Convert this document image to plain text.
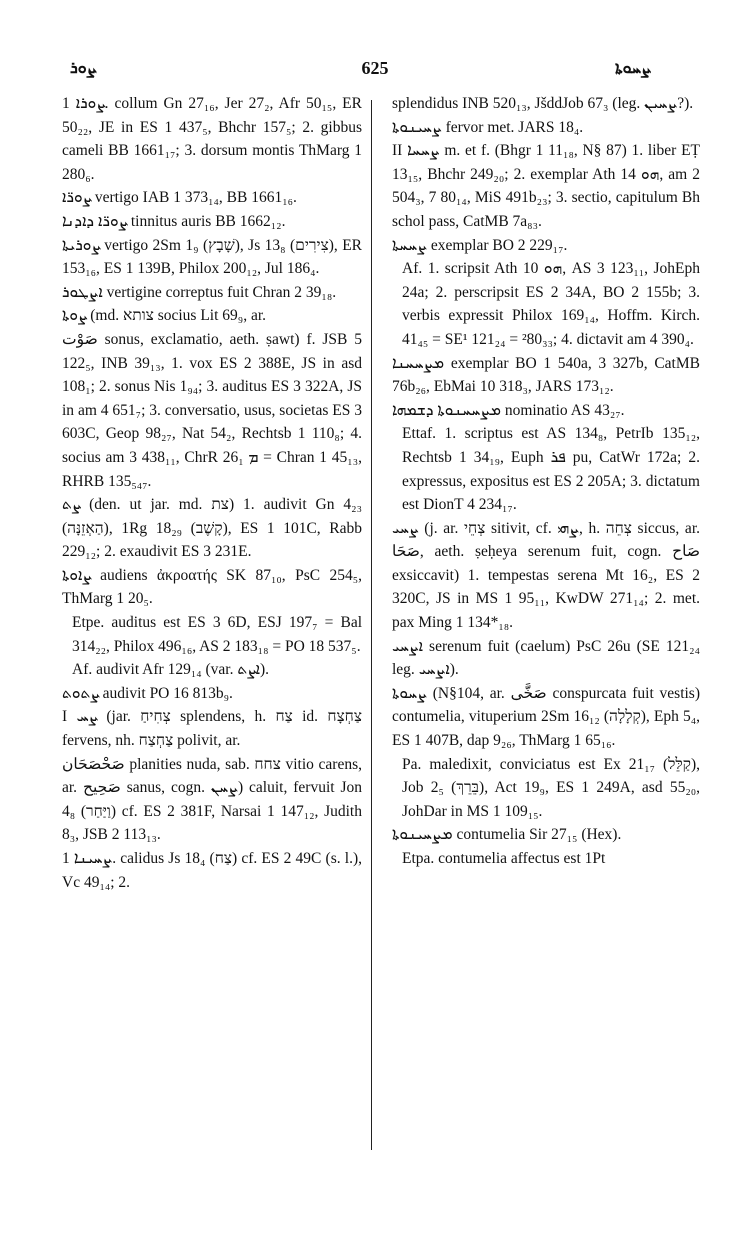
ܨܘܪ	625	ܨܚܘܬܐ
ܨܘܪܐ 1. collum Gn 27₁₆, Jer 27₂, Afr 50₁₅, ER 50₂₂, JE in ES 1 437₅, Bhchr 157₅; 2. gibbus cameli BB 1661₁₇; 3. dorsum montis ThMarg 1 280₆.
ܨܘܪ̈ܐ vertigo IAB 1 373₁₄, BB 1661₁₆.
ܨܘܪ̈ܐ ܕܐܕܢܐ tinnitus auris BB 1662₁₂.
ܨܘܪܝܬܐ vertigo 2Sm 1₉ (שָׁבָץ), Js 13₈ (צִירִים), ER 153₁₆, ES 1 139B, Philox 200₁₂, Jul 186₄.
ܐܨܛܘܪ vertigine correptus fuit Chran 2 39₁₈.
ܨܘܬܐ (md. צותא socius Lit 69₉, ar.
صَوْت sonus, exclamatio, aeth. ṣawt) f. JSB 5 122₅, INB 39₁₃, 1. vox ES 2 388E, JS in asd 108₁; 2. sonus Nis 1₉₄; 3. auditus ES 3 322A, JS in am 4 651₇; 3. conversatio, usus, societas ES 3 603C, Geop 98₂₇, Nat 54₂, Rechtsb 1 110₈; 4. socius am 3 438₁₁, ChrR ܡ 26₁ = Chran 1 45₁₃, RHRB 135₅₄₇.
ܨܬ (den. ut jar. md. צת) 1. audivit Gn 4₂₃ (הַאְזֵנָּה), 1Rg 18₂₉ (קָשֶׁב), ES 1 101C, Rabb 229₁₂; 2. exaudivit ES 3 231E.
ܨܐܘܬܐ audiens ἀκροατής SK 87₁₀, PsC 254₅, ThMarg 1 20₅.
Etpe. auditus est ES 3 6D, ESJ 197₇ = Bal 314₂₂, Philox 496₁₆, AS 2 183₁₈ = PO 18 537₅.
Af. audivit Afr 129₁₄ (var. ܐܨܬ).
ܨܬܘܬ audivit PO 16 813b₉.
I ܨܚ (jar. צְחִיחַ splendens, h. צַח id. צַחְצָח fervens, nh. צַחְצַח polivit, ar.
صَحْصَحَان planities nuda, sab. צחח vitio carens, ar. صَحِيح sanus, cogn. ܨܚܢ) caluit, fervuit Jon 4₈ (וַיַּחַר) cf. ES 2 381F, Narsai 1 147₁₂, Judith 8₃, JSB 2 113₁₃.
ܨܚܝܢܐ 1. calidus Js 18₄ (צַח) cf. ES 2 49C (s. l.), Vc 49₁₄; 2.
splendidus INB 520₁₃, JšddJob 67₃ (leg. ܨܚܝܢ?).
ܨܚܝܢܘܬܐ fervor met. JARS 18₄.
II ܨܚܚܐ m. et f. (Bhgr 1 11₁₈, N§ 87) 1. liber EṬ 13₁₅, Bhchr 249₂₀; 2. exemplar Ath ܗܘ 14, am 2 504₃, 7 80₁₄, MiS 491b₂₃; 3. sectio, capitulum Bh schol pass, CatMB 7a₈₃.
ܨܚܚܬܐ exemplar BO 2 229₁₇.
Af. 1. scripsit Ath ܗܘ 10, AS 3 123₁₁, JohEph 24a; 2. perscripsit ES 2 34A, BO 2 155b; 3. verbis expressit Philox 169₁₄, Hoffm. Kirch. 41₄₅ = SE¹ 121₂₄ = ²80₃₃; 4. dictavit am 4 390₄.
ܡܨܚܚܢܐ exemplar BO 1 540a, 3 327b, CatMB 76b₂₆, EbMai 10 318₃, JARS 173₁₂.
ܡܨܚܚܢܘܬܐ ܕܫܡܗܐ nominatio AS 43₂₇.
Ettaf. 1. scriptus est AS 134₈, PetrIb 135₁₂, Rechtsb 1 34₁₉, Euph ܦܪ pu, CatWr 172a; 2. expressus, expositus est ES 2 205A; 3. dictatum est DionT 4 234₁₇.
ܨܚܝ (j. ar. צְחֵי sitivit, cf. ܨܗܝ, h. צְחֵה siccus, ar. صَحَا, aeth. ṣeḥeya serenum fuit, cogn. صَاح exsiccavit) 1. tempestas serena Mt 16₂, ES 2 320C, JS in MS 1 95₁₁, KwDW 271₁₄; 2. met. pax Ming 1 134*₁₈.
ܐܨܚܝ serenum fuit (caelum) PsC 26u (SE 121₂₄ leg. ܐܨܚܝ).
ܨܚܘܬܐ (N§104, ar. صَخَّى conspurcata fuit vestis) contumelia, vituperium 2Sm 16₁₂ (קְלָלָה), Eph 5₄, ES 1 407B, dap 9₂₆, ThMarg 1 65₁₆.
Pa. maledixit, conviciatus est Ex 21₁₇ (קַלֵּל), Job 2₅ (בֵּרֵךְ), Act 19₉, ES 1 249A, asd 55₂₀, JohDar in MS 1 109₁₅.
ܡܨܚܝܢܘܬܐ contumelia Sir 27₁₅ (Hex).
Etpa. contumelia affectus est 1Pt
